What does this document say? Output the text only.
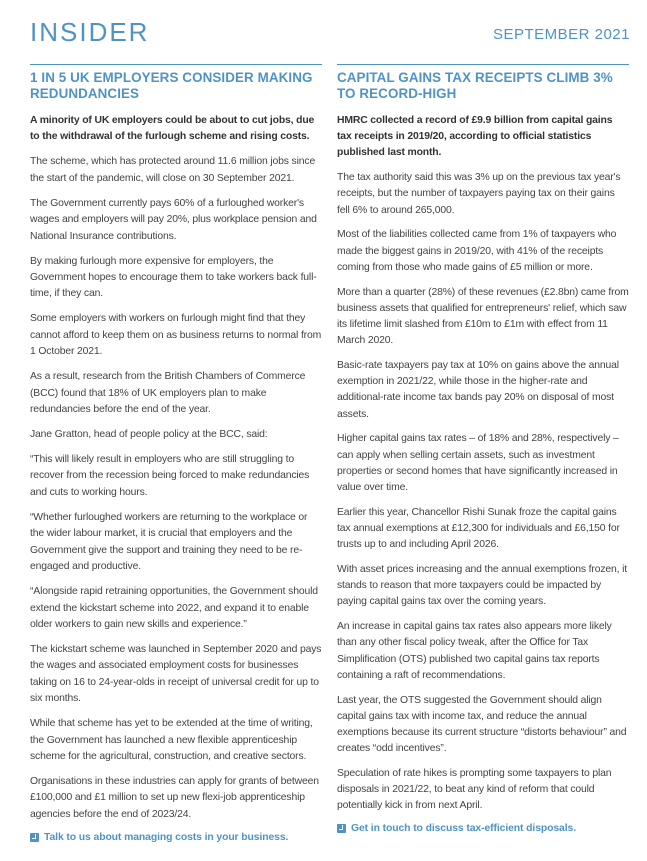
INSIDER	SEPTEMBER 2021
1 IN 5 UK EMPLOYERS CONSIDER MAKING REDUNDANCIES

A minority of UK employers could be about to cut jobs, due to the withdrawal of the furlough scheme and rising costs.

The scheme, which has protected around 11.6 million jobs since the start of the pandemic, will close on 30 September 2021.

The Government currently pays 60% of a furloughed worker's wages and employers will pay 20%, plus workplace pension and National Insurance contributions.

By making furlough more expensive for employers, the Government hopes to encourage them to take workers back full-time, if they can.

Some employers with workers on furlough might find that they cannot afford to keep them on as business returns to normal from 1 October 2021.

As a result, research from the British Chambers of Commerce (BCC) found that 18% of UK employers plan to make redundancies before the end of the year.

Jane Gratton, head of people policy at the BCC, said:

“This will likely result in employers who are still struggling to recover from the recession being forced to make redundancies and cuts to working hours.

“Whether furloughed workers are returning to the workplace or the wider labour market, it is crucial that employers and the Government give the support and training they need to be re-engaged and productive.

“Alongside rapid retraining opportunities, the Government should extend the kickstart scheme into 2022, and expand it to enable older workers to gain new skills and experience.”

The kickstart scheme was launched in September 2020 and pays the wages and associated employment costs for businesses taking on 16 to 24-year-olds in receipt of universal credit for up to six months.

While that scheme has yet to be extended at the time of writing, the Government has launched a new flexible apprenticeship scheme for the agricultural, construction, and creative sectors.

Organisations in these industries can apply for grants of between £100,000 and £1 million to set up new flexi-job apprenticeship agencies before the end of 2023/24.

Talk to us about managing costs in your business.
CAPITAL GAINS TAX RECEIPTS CLIMB 3% TO RECORD-HIGH

HMRC collected a record of £9.9 billion from capital gains tax receipts in 2019/20, according to official statistics published last month.

The tax authority said this was 3% up on the previous tax year's receipts, but the number of taxpayers paying tax on their gains fell 6% to around 265,000.

Most of the liabilities collected came from 1% of taxpayers who made the biggest gains in 2019/20, with 41% of the receipts coming from those who made gains of £5 million or more.

More than a quarter (28%) of these revenues (£2.8bn) came from business assets that qualified for entrepreneurs' relief, which saw its lifetime limit slashed from £10m to £1m with effect from 11 March 2020.

Basic-rate taxpayers pay tax at 10% on gains above the annual exemption in 2021/22, while those in the higher-rate and additional-rate income tax bands pay 20% on disposal of most assets.

Higher capital gains tax rates – of 18% and 28%, respectively – can apply when selling certain assets, such as investment properties or second homes that have significantly increased in value over time.

Earlier this year, Chancellor Rishi Sunak froze the capital gains tax annual exemptions at £12,300 for individuals and £6,150 for trusts up to and including April 2026.

With asset prices increasing and the annual exemptions frozen, it stands to reason that more taxpayers could be impacted by paying capital gains tax over the coming years.

An increase in capital gains tax rates also appears more likely than any other fiscal policy tweak, after the Office for Tax Simplification (OTS) published two capital gains tax reports containing a raft of recommendations.

Last year, the OTS suggested the Government should align capital gains tax with income tax, and reduce the annual exemptions because its current structure “distorts behaviour” and creates “odd incentives”.

Speculation of rate hikes is prompting some taxpayers to plan disposals in 2021/22, to beat any kind of reform that could potentially kick in from next April.

Get in touch to discuss tax-efficient disposals.
